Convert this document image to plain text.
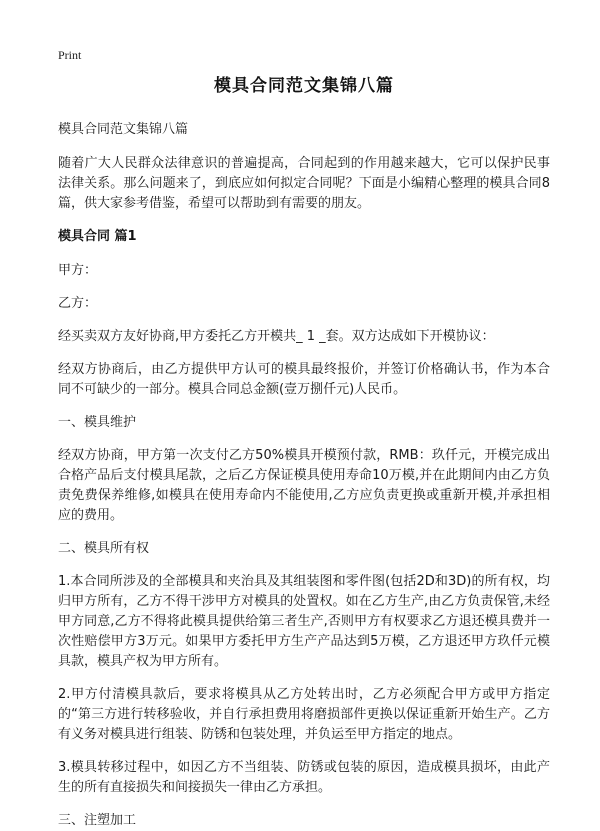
Print
模具合同范文集锦八篇

模具合同范文集锦八篇

随着广大人民群众法律意识的普遍提高，合同起到的作用越来越大，它可以保护民事法律关系。那么问题来了，到底应如何拟定合同呢？下面是小编精心整理的模具合同8篇，供大家参考借鉴，希望可以帮助到有需要的朋友。

模具合同 篇1

甲方：

乙方：

经买卖双方友好协商,甲方委托乙方开模共_ 1 _套。双方达成如下开模协议：

经双方协商后，由乙方提供甲方认可的模具最终报价，并签订价格确认书，作为本合同不可缺少的一部分。模具合同总金额(壹万捌仟元)人民币。

一、模具维护

经双方协商，甲方第一次支付乙方50%模具开模预付款，RMB：玖仟元，开模完成出合格产品后支付模具尾款，之后乙方保证模具使用寿命10万模,并在此期间内由乙方负责免费保养维修,如模具在使用寿命内不能使用,乙方应负责更换或重新开模,并承担相应的费用。

二、模具所有权

1.本合同所涉及的全部模具和夹治具及其组装图和零件图(包括2D和3D)的所有权，均归甲方所有，乙方不得干涉甲方对模具的处置权。如在乙方生产,由乙方负责保管,未经甲方同意,乙方不得将此模具提供给第三者生产,否则甲方有权要求乙方退还模具费并一次性赔偿甲方3万元。如果甲方委托甲方生产产品达到5万模，乙方退还甲方玖仟元模具款，模具产权为甲方所有。

2.甲方付清模具款后，要求将模具从乙方处转出时，乙方必须配合甲方或甲方指定的“第三方进行转移验收，并自行承担费用将磨损部件更换以保证重新开始生产。乙方有义务对模具进行组装、防锈和包装处理，并负运至甲方指定的地点。

3.模具转移过程中，如因乙方不当组装、防锈或包装的原因，造成模具损坏，由此产生的所有直接损失和间接损失一律由乙方承担。

三、注塑加工
